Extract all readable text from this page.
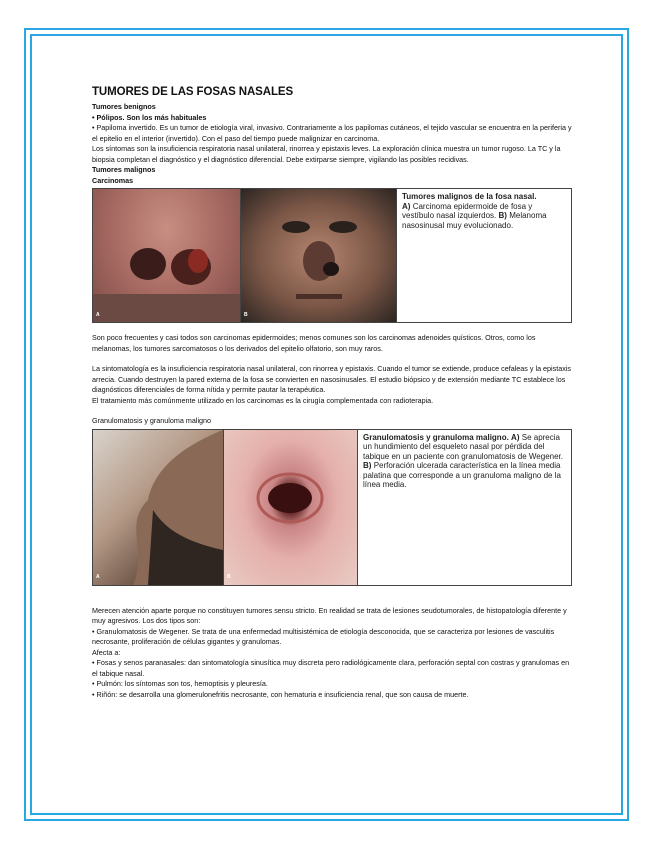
TUMORES DE LAS FOSAS NASALES

Tumores benignos

• Pólipos. Son los más habituales

• Papiloma invertido. Es un tumor de etiología viral, invasivo. Contrariamente a los papilomas cutáneos, el tejido vascular se encuentra en la periferia y el epitelio en el interior (invertido). Con el paso del tiempo puede malignizar en carcinoma.

Los síntomas son la insuficiencia respiratoria nasal unilateral, rinorrea y epistaxis leves. La exploración clínica muestra un tumor rugoso. La TC y la biopsia completan el diagnóstico y el diagnóstico diferencial. Debe extirparse siempre, vigilando las posibles recidivas.

Tumores malignos

Carcinomas

A	B
Tumores malignos de la fosa nasal.
A) Carcinoma epidermoide de fosa y vestíbulo nasal izquierdos. B) Melanoma nasosinusal muy evolucionado.

Son poco frecuentes y casi todos son carcinomas epidermoides; menos comunes son los carcinomas adenoides quísticos. Otros, como los melanomas, los tumores sarcomatosos o los derivados del epitelio olfatorio, son muy raros.

La sintomatología es la insuficiencia respiratoria nasal unilateral, con rinorrea y epistaxis. Cuando el tumor se extiende, produce cefaleas y la epistaxis arrecia. Cuando destruyen la pared externa de la fosa se convierten en nasosinusales. El estudio biópsico y de extensión mediante TC establece los diagnósticos diferenciales de forma nítida y permite pautar la terapéutica.

El tratamiento más comúnmente utilizado en los carcinomas es la cirugía complementada con radioterapia.

Granulomatosis y granuloma maligno

A	B
Granulomatosis y granuloma maligno. A) Se aprecia un hundimiento del esqueleto nasal por pérdida del tabique en un paciente con granulomatosis de Wegener. B) Perforación ulcerada característica en la línea media palatina que corresponde a un granuloma maligno de la línea media.

Merecen atención aparte porque no constituyen tumores sensu stricto. En realidad se trata de lesiones seudotumorales, de histopatología diferente y muy agresivos. Los dos tipos son:

• Granulomatosis de Wegener. Se trata de una enfermedad multisistémica de etiología desconocida, que se caracteriza por lesiones de vasculitis necrosante, proliferación de células gigantes y granulomas.

Afecta a:

• Fosas y senos paranasales: dan sintomatología sinusítica muy discreta pero radiológicamente clara, perforación septal con costras y granulomas en el tabique nasal.

• Pulmón: los síntomas son tos, hemoptisis y pleuresía.

• Riñón: se desarrolla una glomerulonefritis necrosante, con hematuria e insuficiencia renal, que son causa de muerte.
